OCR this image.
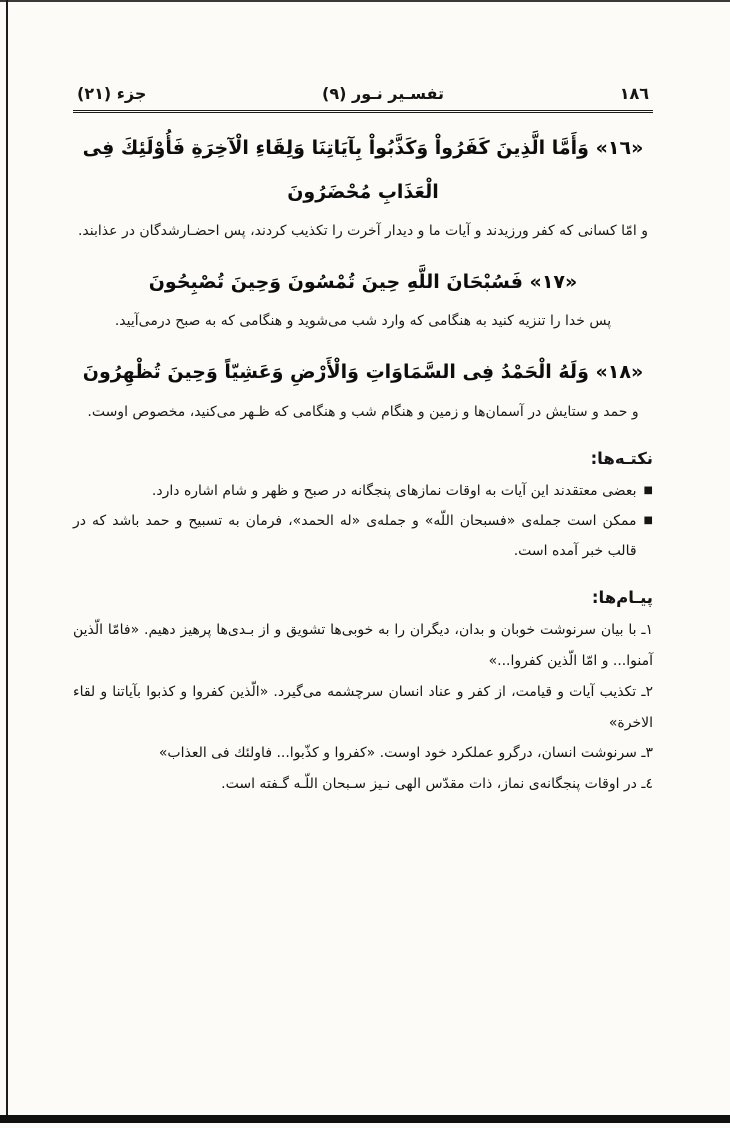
١٨٦
تفسـير نـور (٩)
جزء (٢١)

«١٦» وَأَمَّا الَّذِينَ كَفَرُواْ وَكَذَّبُواْ بِآيَاتِنَا وَلِقَاءِ الْآخِرَةِ فَأُوْلَئِكَ فِى الْعَذَابِ مُحْضَرُونَ

و امّا كسانى كه كفر ورزيدند و آيات ما و ديدار آخرت را تكذيب كردند، پس احضـارشدگان در عذابند.

«١٧» فَسُبْحَانَ اللَّهِ حِينَ تُمْسُونَ وَحِينَ تُصْبِحُونَ

پس خدا را تنزيه كنيد به هنگامى كه وارد شب مى‌شويد و هنگامى كه به صبح درمى‌آييد.

«١٨» وَلَهُ الْحَمْدُ فِى السَّمَاوَاتِ وَالْأَرْضِ وَعَشِيّاً وَحِينَ تُظْهِرُونَ

و حمد و ستايش در آسمان‌ها و زمين و هنگام شب و هنگامى كه ظـهر مى‌كنيد، مخصوص اوست.

نكتـه‌ها:
■

بعضى معتقدند اين آيات به اوقات نمازهاى پنجگانه در صبح و ظهر و شام اشاره دارد.

■

ممكن است جمله‌ى «فسبحان اللّه» و جمله‌ى «له الحمد»، فرمان به تسبيح و حمد باشد كه در قالب خبر آمده است.

پيـام‌ها:

١ـ با بيان سرنوشت خوبان و بدان، ديگران را به خوبى‌ها تشويق و از بـدى‌ها پرهيز دهيم. «فامّا الّذين آمنوا... و امّا الّذين كفروا...»

٢ـ تكذيب آيات و قيامت، از كفر و عناد انسان سرچشمه مى‌گيرد. «الّذين كفروا و كذبوا بآياتنا و لقاء الاخرة»

٣ـ سرنوشت انسان، درگرو عملكرد خود اوست. «كفروا و كذّبوا... فاولئك فى العذاب»

٤ـ در اوقات پنجگانه‌ى نماز، ذات مقدّس الهى نـيز سـبحان اللّـه گـفته است.
